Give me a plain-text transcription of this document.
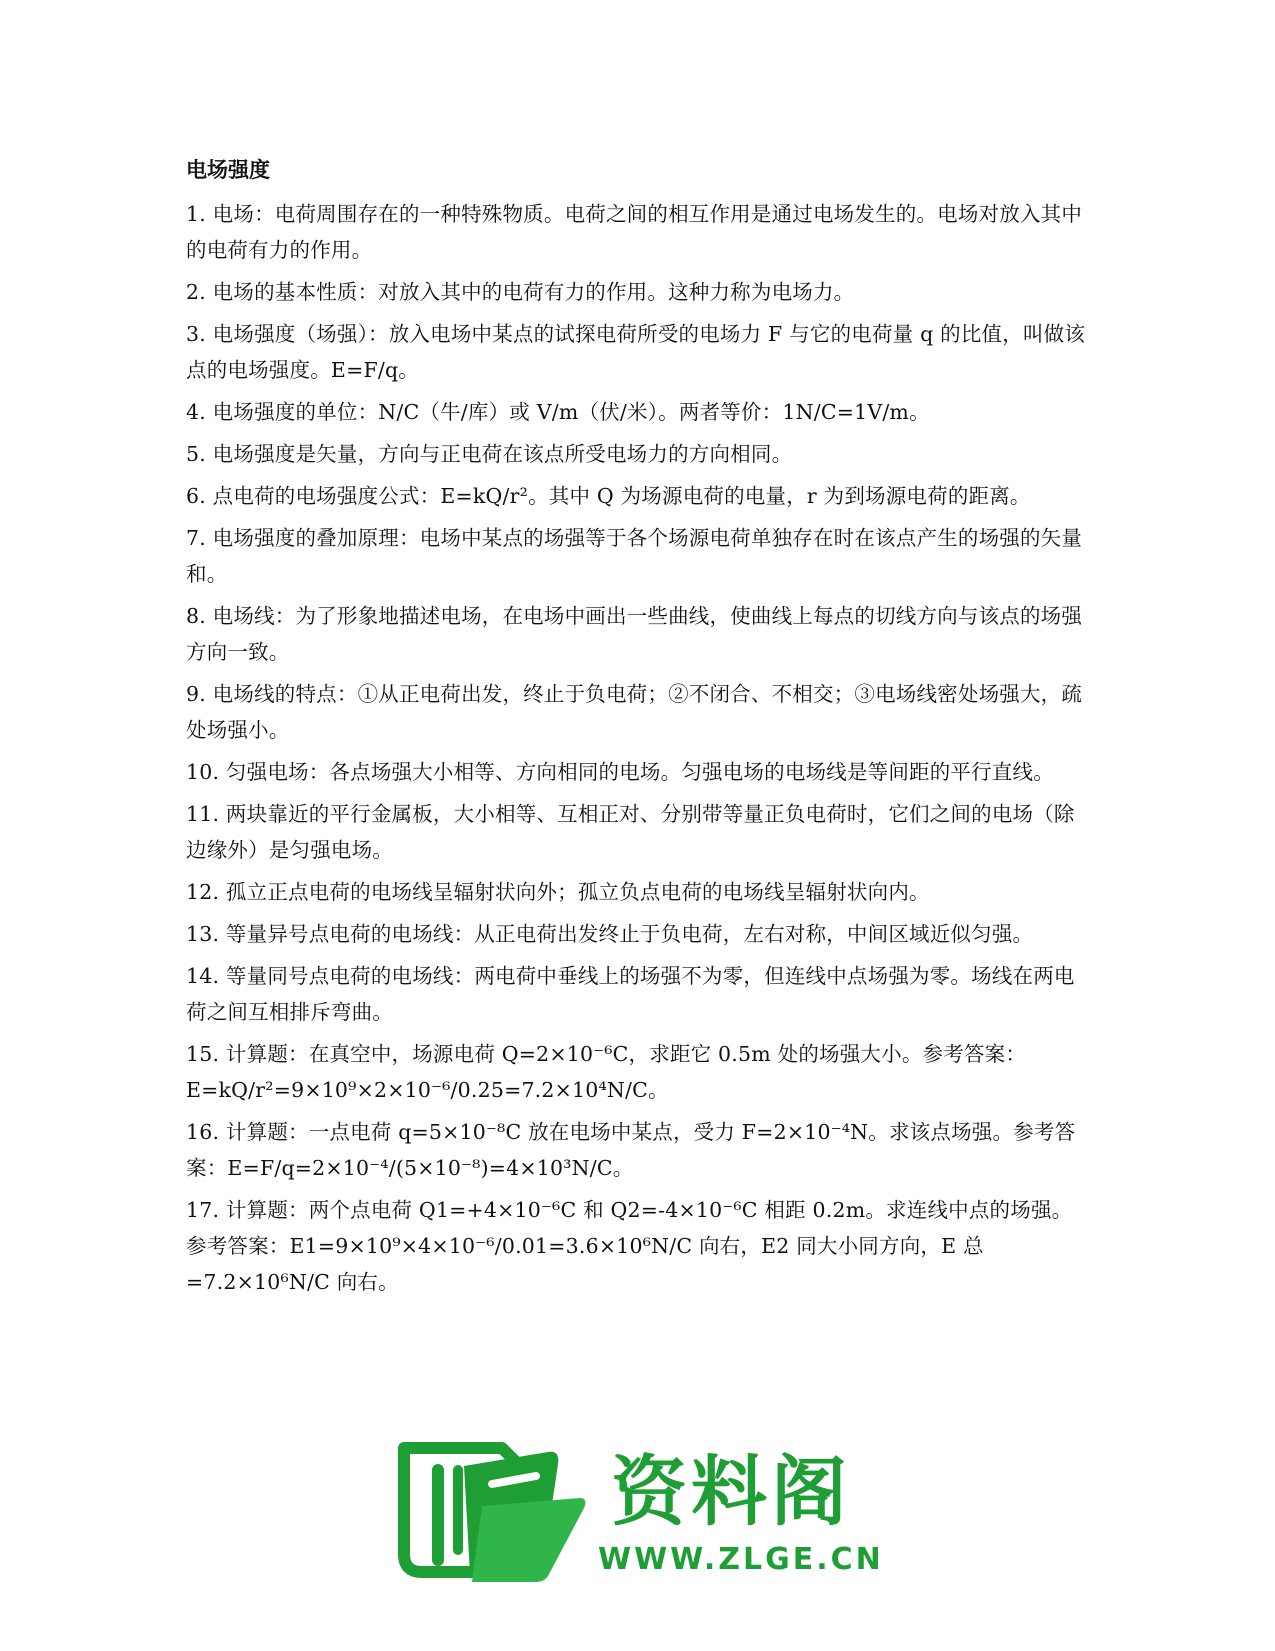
电场强度

1. 电场：电荷周围存在的一种特殊物质。电荷之间的相互作用是通过电场发生的。电场对放入其中的电荷有力的作用。

2. 电场的基本性质：对放入其中的电荷有力的作用。这种力称为电场力。

3. 电场强度（场强）：放入电场中某点的试探电荷所受的电场力 F 与它的电荷量 q 的比值，叫做该点的电场强度。E=F/q。

4. 电场强度的单位：N/C（牛/库）或 V/m（伏/米）。两者等价：1N/C=1V/m。

5. 电场强度是矢量，方向与正电荷在该点所受电场力的方向相同。

6. 点电荷的电场强度公式：E=kQ/r²。其中 Q 为场源电荷的电量，r 为到场源电荷的距离。

7. 电场强度的叠加原理：电场中某点的场强等于各个场源电荷单独存在时在该点产生的场强的矢量和。

8. 电场线：为了形象地描述电场，在电场中画出一些曲线，使曲线上每点的切线方向与该点的场强方向一致。

9. 电场线的特点：①从正电荷出发，终止于负电荷；②不闭合、不相交；③电场线密处场强大，疏处场强小。

10. 匀强电场：各点场强大小相等、方向相同的电场。匀强电场的电场线是等间距的平行直线。

11. 两块靠近的平行金属板，大小相等、互相正对、分别带等量正负电荷时，它们之间的电场（除边缘外）是匀强电场。

12. 孤立正点电荷的电场线呈辐射状向外；孤立负点电荷的电场线呈辐射状向内。

13. 等量异号点电荷的电场线：从正电荷出发终止于负电荷，左右对称，中间区域近似匀强。

14. 等量同号点电荷的电场线：两电荷中垂线上的场强不为零，但连线中点场强为零。场线在两电荷之间互相排斥弯曲。

15. 计算题：在真空中，场源电荷 Q=2×10⁻⁶C，求距它 0.5m 处的场强大小。参考答案：E=kQ/r²=9×10⁹×2×10⁻⁶/0.25=7.2×10⁴N/C。

16. 计算题：一点电荷 q=5×10⁻⁸C 放在电场中某点，受力 F=2×10⁻⁴N。求该点场强。参考答案：E=F/q=2×10⁻⁴/(5×10⁻⁸)=4×10³N/C。

17. 计算题：两个点电荷 Q1=+4×10⁻⁶C 和 Q2=-4×10⁻⁶C 相距 0.2m。求连线中点的场强。参考答案：E1=9×10⁹×4×10⁻⁶/0.01=3.6×10⁶N/C 向右，E2 同大小同方向，E 总=7.2×10⁶N/C 向右。

资料阁
WWW.ZLGE.CN
